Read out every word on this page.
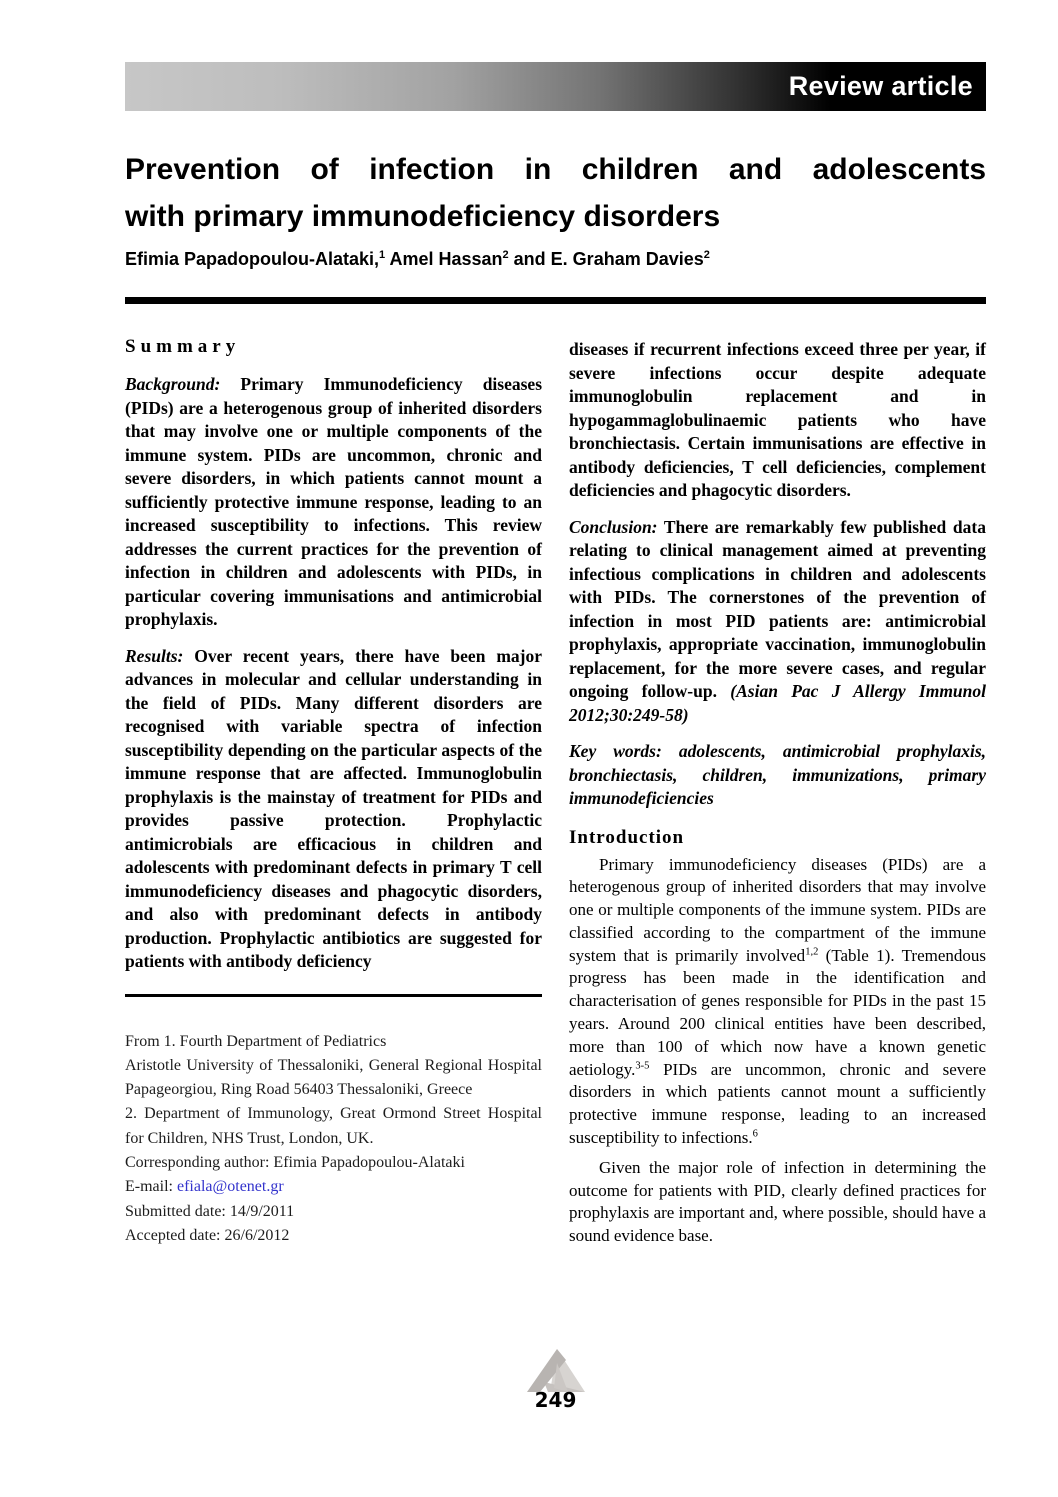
Review article
Prevention of infection in children and adolescents
with primary immunodeficiency disorders
Efimia Papadopoulou-Alataki,$^1$ Amel Hassan$^2$ and E. Graham Davies$^2$
Summary

Background: Primary Immunodeficiency diseases (PIDs) are a heterogenous group of inherited disorders that may involve one or multiple components of the immune system. PIDs are uncommon, chronic and severe disorders, in which patients cannot mount a sufficiently protective immune response, leading to an increased susceptibility to infections. This review addresses the current practices for the prevention of infection in children and adolescents with PIDs, in particular covering immunisations and antimicrobial prophylaxis.

Results: Over recent years, there have been major advances in molecular and cellular understanding in the field of PIDs. Many different disorders are recognised with variable spectra of infection susceptibility depending on the particular aspects of the immune response that are affected. Immunoglobulin prophylaxis is the mainstay of treatment for PIDs and provides passive protection. Prophylactic antimicrobials are efficacious in children and adolescents with predominant defects in primary T cell immunodeficiency diseases and phagocytic disorders, and also with predominant defects in antibody production. Prophylactic antibiotics are suggested for patients with antibody deficiency

From 1. Fourth Department of Pediatrics
Aristotle University of Thessaloniki, General Regional Hospital Papageorgiou, Ring Road 56403 Thessaloniki, Greece
2. Department of Immunology, Great Ormond Street Hospital for Children, NHS Trust, London, UK.
Corresponding author: Efimia Papadopoulou-Alataki
E-mail: efiala@otenet.gr
Submitted date: 14/9/2011
Accepted date: 26/6/2012

diseases if recurrent infections exceed three per year, if severe infections occur despite adequate immunoglobulin replacement and in hypogammaglobulinaemic patients who have bronchiectasis. Certain immunisations are effective in antibody deficiencies, T cell deficiencies, complement deficiencies and phagocytic disorders.

Conclusion: There are remarkably few published data relating to clinical management aimed at preventing infectious complications in children and adolescents with PIDs. The cornerstones of the prevention of infection in most PID patients are: antimicrobial prophylaxis, appropriate vaccination, immunoglobulin replacement, for the more severe cases, and regular ongoing follow-up. (Asian Pac J Allergy Immunol 2012;30:249-58)

Key words: adolescents, antimicrobial prophylaxis, bronchiectasis, children, immunizations, primary immunodeficiencies

Introduction

Primary immunodeficiency diseases (PIDs) are a heterogenous group of inherited disorders that may involve one or multiple components of the immune system. PIDs are classified according to the compartment of the immune system that is primarily involved$^{1,2}$ (Table 1). Tremendous progress has been made in the identification and characterisation of genes responsible for PIDs in the past 15 years. Around 200 clinical entities have been described, more than 100 of which now have a known genetic aetiology.$^{3-5}$ PIDs are uncommon, chronic and severe disorders in which patients cannot mount a sufficiently protective immune response, leading to an increased susceptibility to infections.$^6$

Given the major role of infection in determining the outcome for patients with PID, clearly defined practices for prophylaxis are important and, where possible, should have a sound evidence base.

249
